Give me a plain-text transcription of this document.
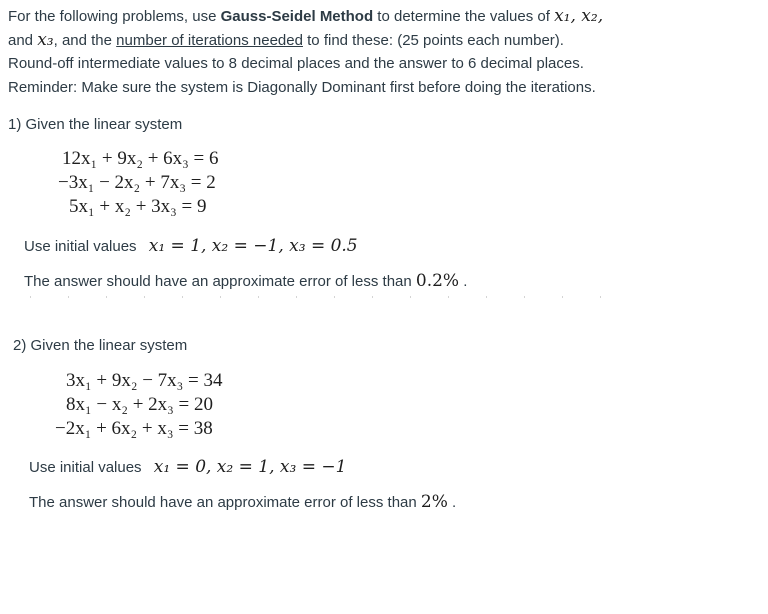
For the following problems, use Gauss-Seidel Method to determine the values of x₁, x₂,
and x₃, and the number of iterations needed to find these: (25 points each number).
Round-off intermediate values to 8 decimal places and the answer to 6 decimal places.
Reminder: Make sure the system is Diagonally Dominant first before doing the iterations.
1) Given the linear system
12x₁ + 9x₂ + 6x₃ = 6
−3x₁ − 2x₂ + 7x₃ = 2
5x₁ + x₂ + 3x₃ = 9
Use initial values x₁ = 1, x₂ = −1, x₃ = 0.5
The answer should have an approximate error of less than 0.2% .
2) Given the linear system
3x₁ + 9x₂ − 7x₃ = 34
8x₁ − x₂ + 2x₃ = 20
−2x₁ + 6x₂ + x₃ = 38
Use initial values x₁ = 0, x₂ = 1, x₃ = −1
The answer should have an approximate error of less than 2% .
